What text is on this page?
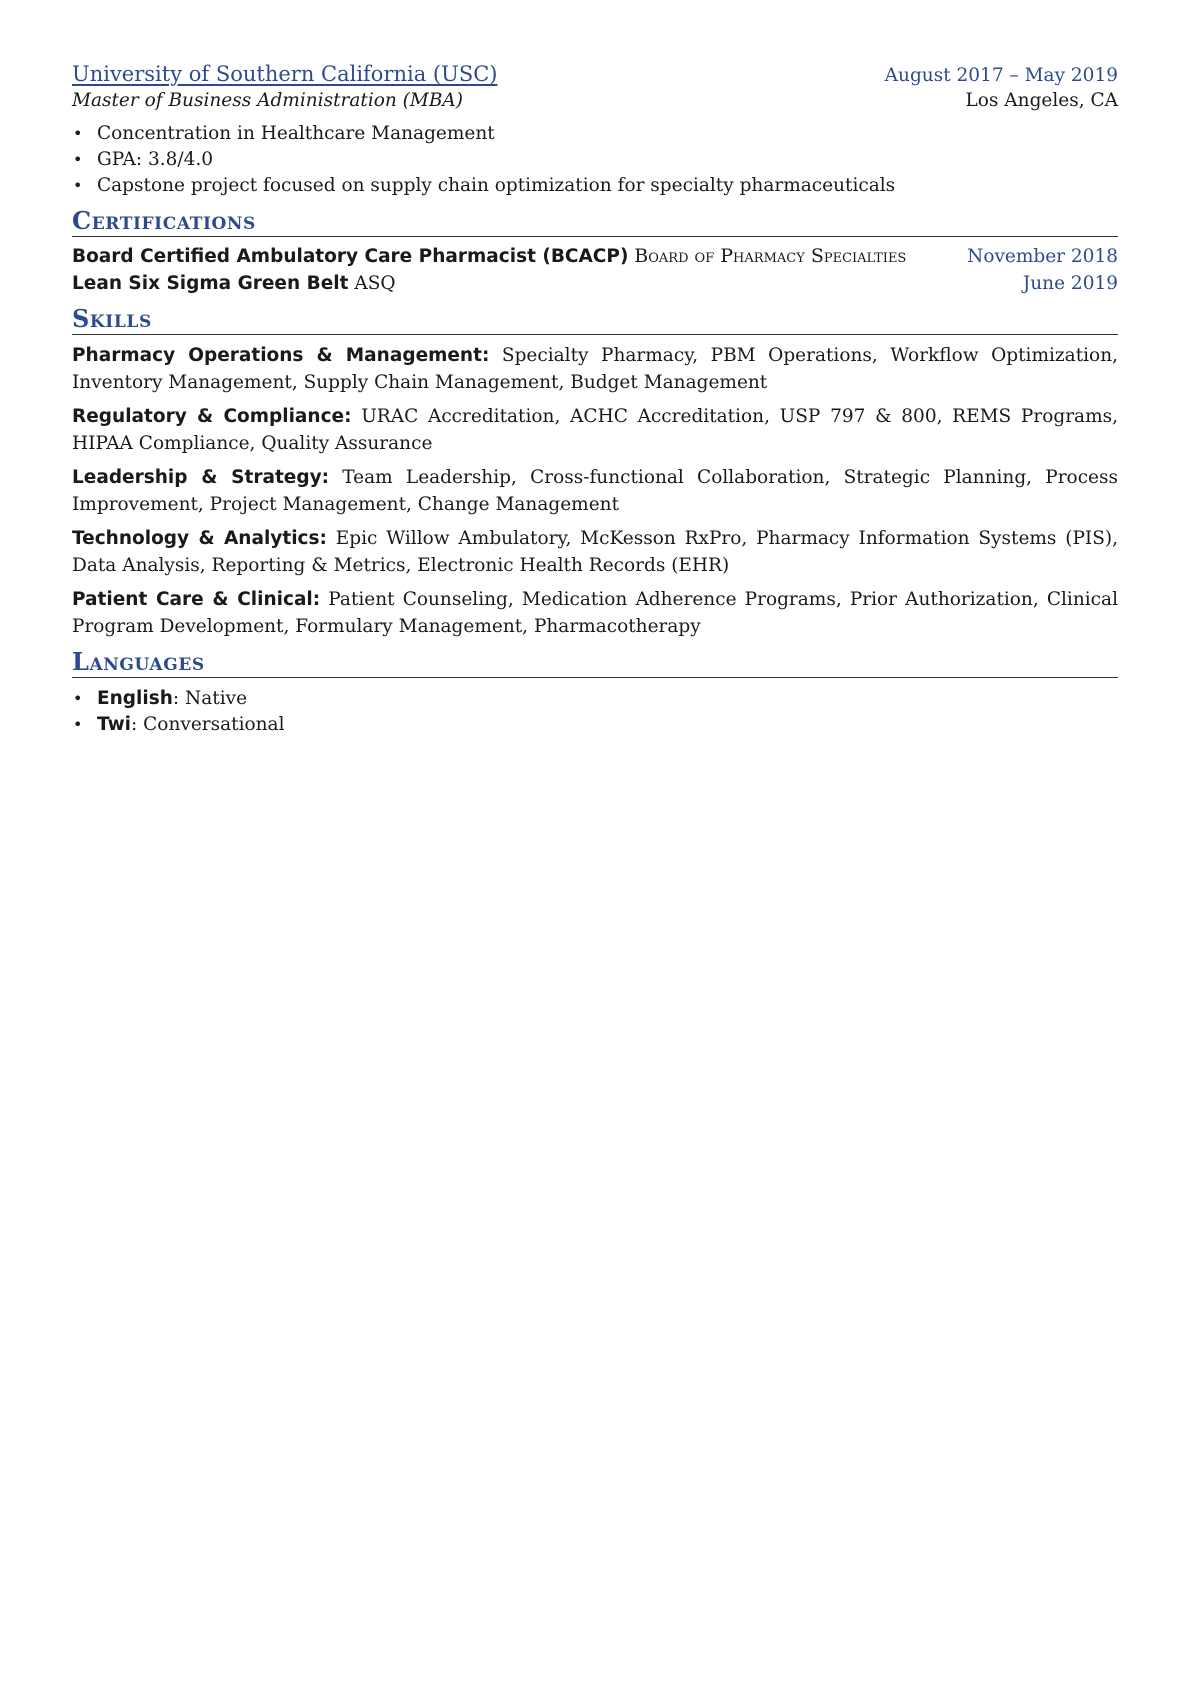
University of Southern California (USC)	August 2017 – May 2019
Master of Business Administration (MBA)	Los Angeles, CA
• Concentration in Healthcare Management
• GPA: 3.8/4.0
• Capstone project focused on supply chain optimization for specialty pharmaceuticals
Certifications
Board Certified Ambulatory Care Pharmacist (BCACP) Board of Pharmacy Specialties	November 2018
Lean Six Sigma Green Belt ASQ	June 2019
Skills
Pharmacy Operations & Management: Specialty Pharmacy, PBM Operations, Workflow Optimization, Inventory Management, Supply Chain Management, Budget Management
Regulatory & Compliance: URAC Accreditation, ACHC Accreditation, USP 797 & 800, REMS Programs, HIPAA Compliance, Quality Assurance
Leadership & Strategy: Team Leadership, Cross-functional Collaboration, Strategic Planning, Process Improvement, Project Management, Change Management
Technology & Analytics: Epic Willow Ambulatory, McKesson RxPro, Pharmacy Information Systems (PIS), Data Analysis, Reporting & Metrics, Electronic Health Records (EHR)
Patient Care & Clinical: Patient Counseling, Medication Adherence Programs, Prior Authorization, Clinical Program Development, Formulary Management, Pharmacotherapy
Languages
• English: Native
• Twi: Conversational
